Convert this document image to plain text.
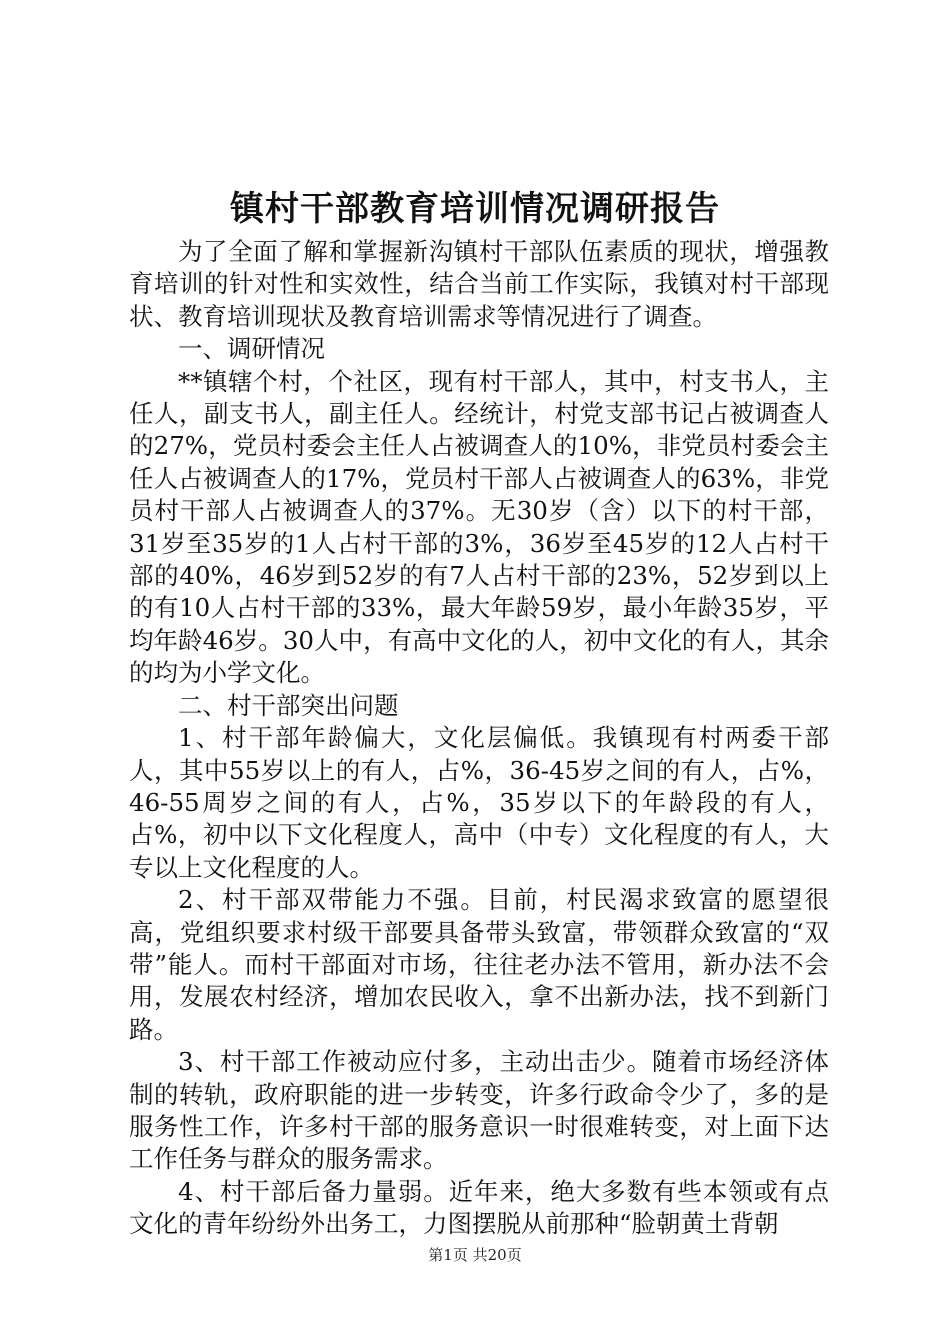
镇村干部教育培训情况调研报告

为了全面了解和掌握新沟镇村干部队伍素质的现状，增强教育培训的针对性和实效性，结合当前工作实际，我镇对村干部现状、教育培训现状及教育培训需求等情况进行了调查。

一、调研情况

**镇辖个村，个社区，现有村干部人，其中，村支书人，主任人，副支书人，副主任人。经统计，村党支部书记占被调查人的27%，党员村委会主任人占被调查人的10%，非党员村委会主任人占被调查人的17%，党员村干部人占被调查人的63%，非党员村干部人占被调查人的37%。无30岁（含）以下的村干部，31岁至35岁的1人占村干部的3%，36岁至45岁的12人占村干部的40%，46岁到52岁的有7人占村干部的23%，52岁到以上的有10人占村干部的33%，最大年龄59岁，最小年龄35岁，平均年龄46岁。30人中，有高中文化的人，初中文化的有人，其余的均为小学文化。

二、村干部突出问题

1、村干部年龄偏大，文化层偏低。我镇现有村两委干部人，其中55岁以上的有人，占%，36-45岁之间的有人，占%，46-55周岁之间的有人，占%，35岁以下的年龄段的有人，占%，初中以下文化程度人，高中（中专）文化程度的有人，大专以上文化程度的人。

2、村干部双带能力不强。目前，村民渴求致富的愿望很高，党组织要求村级干部要具备带头致富，带领群众致富的“双带”能人。而村干部面对市场，往往老办法不管用，新办法不会用，发展农村经济，增加农民收入，拿不出新办法，找不到新门路。

3、村干部工作被动应付多，主动出击少。随着市场经济体制的转轨，政府职能的进一步转变，许多行政命令少了，多的是服务性工作，许多村干部的服务意识一时很难转变，对上面下达工作任务与群众的服务需求。

4、村干部后备力量弱。近年来，绝大多数有些本领或有点文化的青年纷纷外出务工，力图摆脱从前那种“脸朝黄土背朝

第1页 共20页
